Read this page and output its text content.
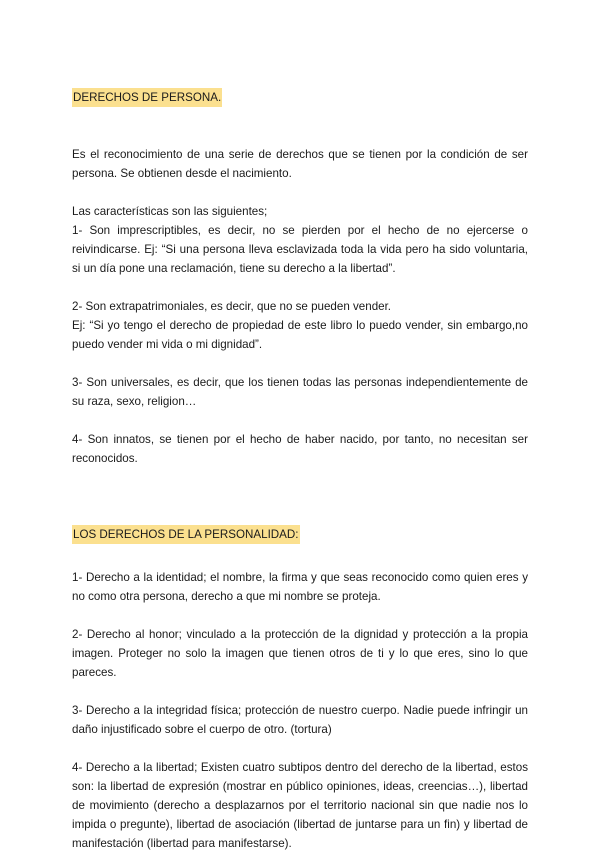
DERECHOS DE PERSONA.

Es el reconocimiento de una serie de derechos que se tienen por la condición de ser persona. Se obtienen desde el nacimiento.

Las características son las siguientes;

1- Son imprescriptibles, es decir, no se pierden por el hecho de no ejercerse o reivindicarse. Ej: “Si una persona lleva esclavizada toda la vida pero ha sido voluntaria, si un día pone una reclamación, tiene su derecho a la libertad”.

2- Son extrapatrimoniales, es decir, que no se pueden vender.

Ej: “Si yo tengo el derecho de propiedad de este libro lo puedo vender, sin embargo,no puedo vender mi vida o mi dignidad”.

3- Son universales, es decir, que los tienen todas las personas independientemente de su raza, sexo, religion…

4- Son innatos, se tienen por el hecho de haber nacido, por tanto, no necesitan ser reconocidos.

LOS DERECHOS DE LA PERSONALIDAD:

1- Derecho a la identidad; el nombre, la firma y que seas reconocido como quien eres y no como otra persona, derecho a que mi nombre se proteja.

2- Derecho al honor; vinculado a la protección de la dignidad y protección a la propia imagen. Proteger no solo la imagen que tienen otros de ti y lo que eres, sino lo que pareces.

3- Derecho a la integridad física; protección de nuestro cuerpo. Nadie puede infringir un daño injustificado sobre el cuerpo de otro. (tortura)

4- Derecho a la libertad; Existen cuatro subtipos dentro del derecho de la libertad, estos son: la libertad de expresión (mostrar en público opiniones, ideas, creencias…), libertad de movimiento (derecho a desplazarnos por el territorio nacional sin que nadie nos lo impida o pregunte), libertad de asociación (libertad de juntarse para un fin) y libertad de manifestación (libertad para manifestarse).
